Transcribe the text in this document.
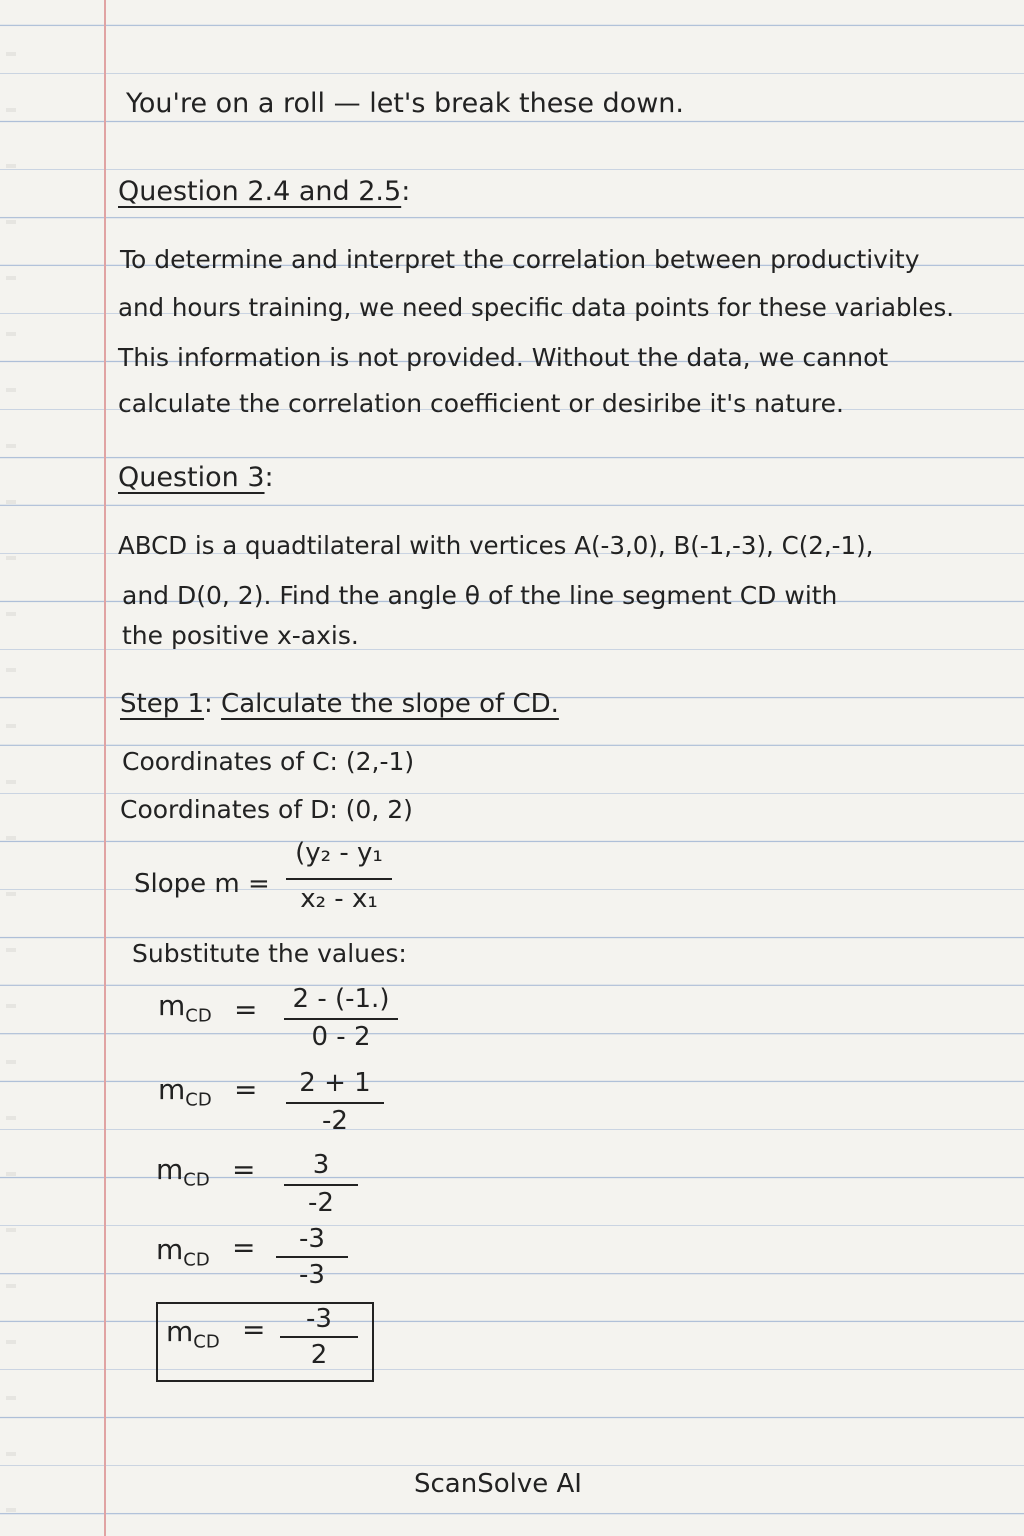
You're on a roll — let's break these down.
Question 2.4 and 2.5:
To determine and interpret the correlation between productivity
and hours training, we need specific data points for these variables.
This information is not provided. Without the data, we cannot
calculate the correlation coefficient or desiribe it's nature.
Question 3:
ABCD is a quadtilateral with vertices A(-3,0), B(-1,-3), C(2,-1),
and D(0, 2). Find the angle θ of the line segment CD with
the positive x-axis.
Step 1: Calculate the slope of CD.
Coordinates of C: (2,-1)
Coordinates of D: (0, 2)
Slope m =
(y₂ - y₁
x₂ - x₁
Substitute the values:
$m_{CD}$ =	2 - (-1.)
0 - 2
$m_{CD}$ =	2 + 1
-2
$m_{CD}$ =	3
-2
$m_{CD}$ =	-3
-3
$m_{CD}$ =	-3
2
ScanSolve AI
